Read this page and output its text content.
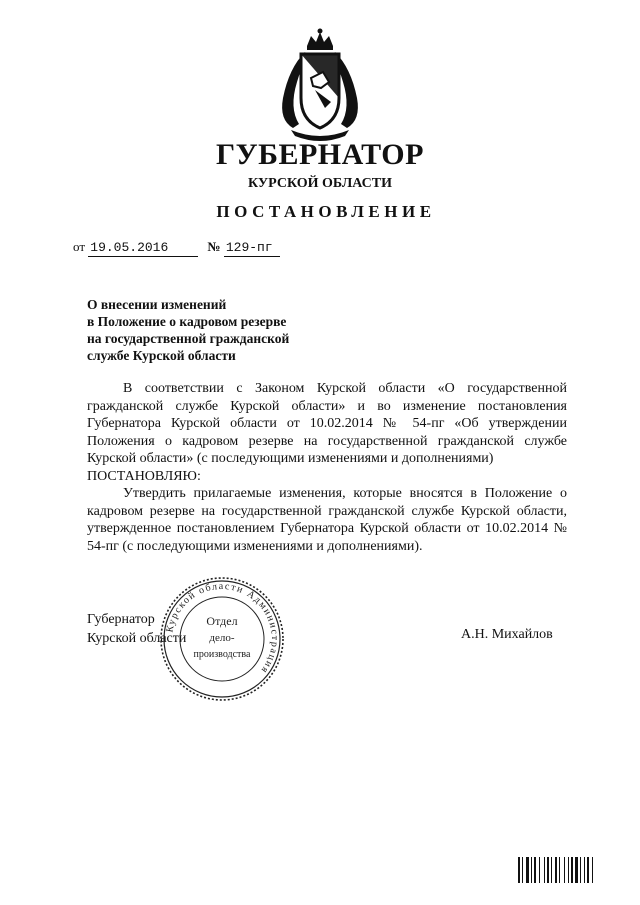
ГУБЕРНАТОР
КУРСКОЙ ОБЛАСТИ
ПОСТАНОВЛЕНИЕ
от 19.05.2016	№ 129-пг
О внесении изменений
в Положение о кадровом резерве
на государственной гражданской
службе Курской области

В соответствии с Законом Курской области «О государственной гражданской службе Курской области» и во изменение постановления Губернатора Курской области от 10.02.2014 № 54-пг «Об утверждении Положения о кадровом резерве на государственной гражданской службе Курской области» (с последующими изменениями и дополнениями)

ПОСТАНОВЛЯЮ:

Утвердить прилагаемые изменения, которые вносятся в Положение о кадровом резерве на государственной гражданской службе Курской области, утвержденное постановлением Губернатора Курской области от 10.02.2014 № 54-пг (с последующими изменениями и дополнениями).

Губернатор
Курской области	А.Н. Михайлов
Курской области Администрация
Отдел
дело-
производства
